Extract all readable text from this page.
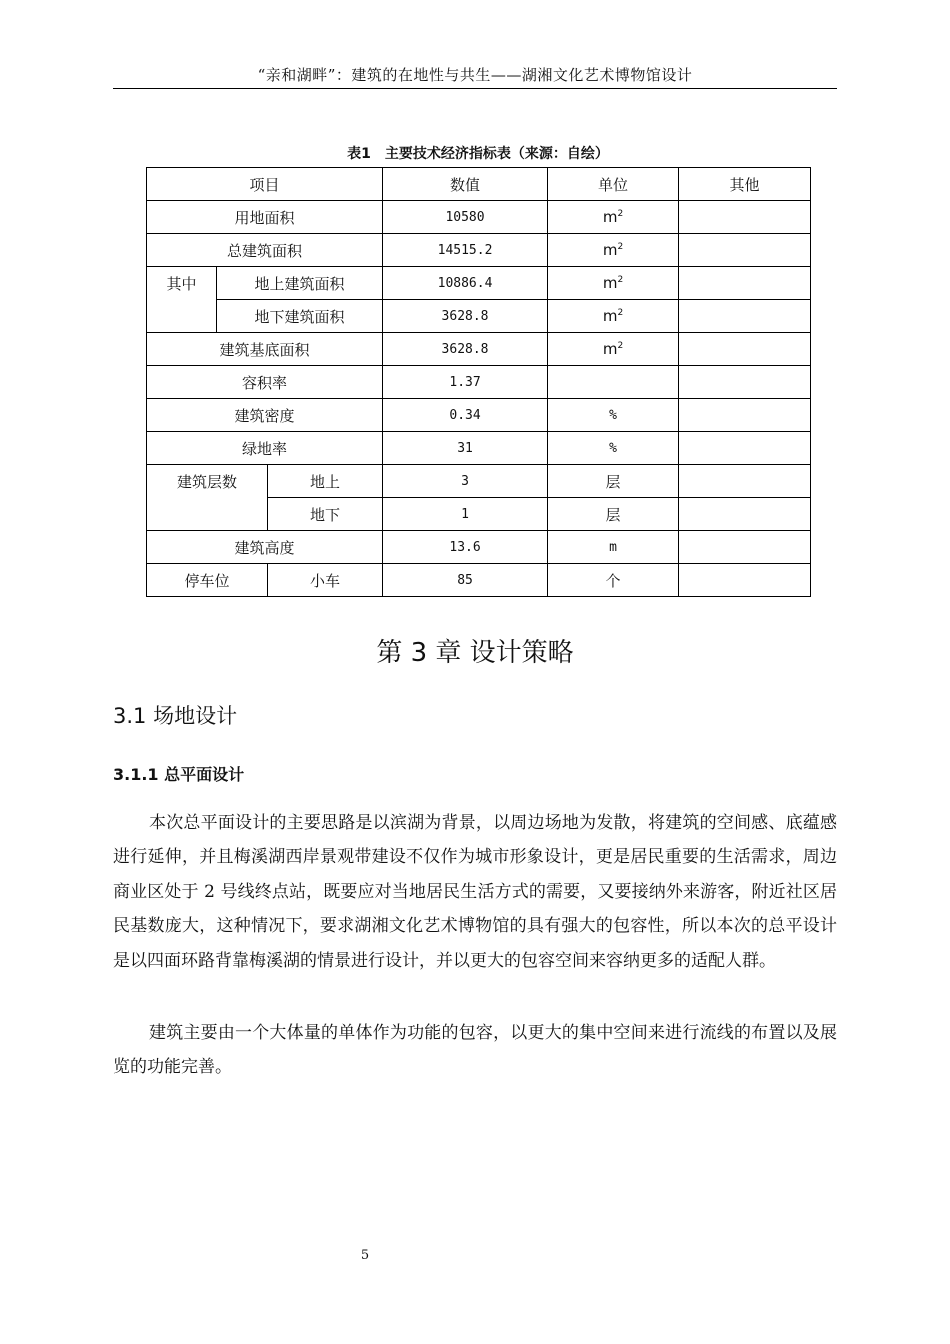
“亲和湖畔”：建筑的在地性与共生——湖湘文化艺术博物馆设计
表1　主要技术经济指标表（来源：自绘）
项目			数值	单位	其他
用地面积			10580	$m^2$	
总建筑面积			14515.2	$m^2$	
其中	地上建筑面积		10886.4	$m^2$	
	地下建筑面积		3628.8	$m^2$	
建筑基底面积			3628.8	$m^2$	
容积率			1.37		
建筑密度			0.34	%	
绿地率			31	%	
建筑层数		地上	3	层	
		地下	1	层	
建筑高度			13.6	m	
停车位		小车	85	个	
第 3 章 设计策略
3.1 场地设计
3.1.1 总平面设计

本次总平面设计的主要思路是以滨湖为背景，以周边场地为发散，将建筑的空间感、底蕴感进行延伸，并且梅溪湖西岸景观带建设不仅作为城市形象设计，更是居民重要的生活需求，周边商业区处于 2 号线终点站，既要应对当地居民生活方式的需要，又要接纳外来游客，附近社区居民基数庞大，这种情况下，要求湖湘文化艺术博物馆的具有强大的包容性，所以本次的总平设计是以四面环路背靠梅溪湖的情景进行设计，并以更大的包容空间来容纳更多的适配人群。

建筑主要由一个大体量的单体作为功能的包容，以更大的集中空间来进行流线的布置以及展览的功能完善。

5
